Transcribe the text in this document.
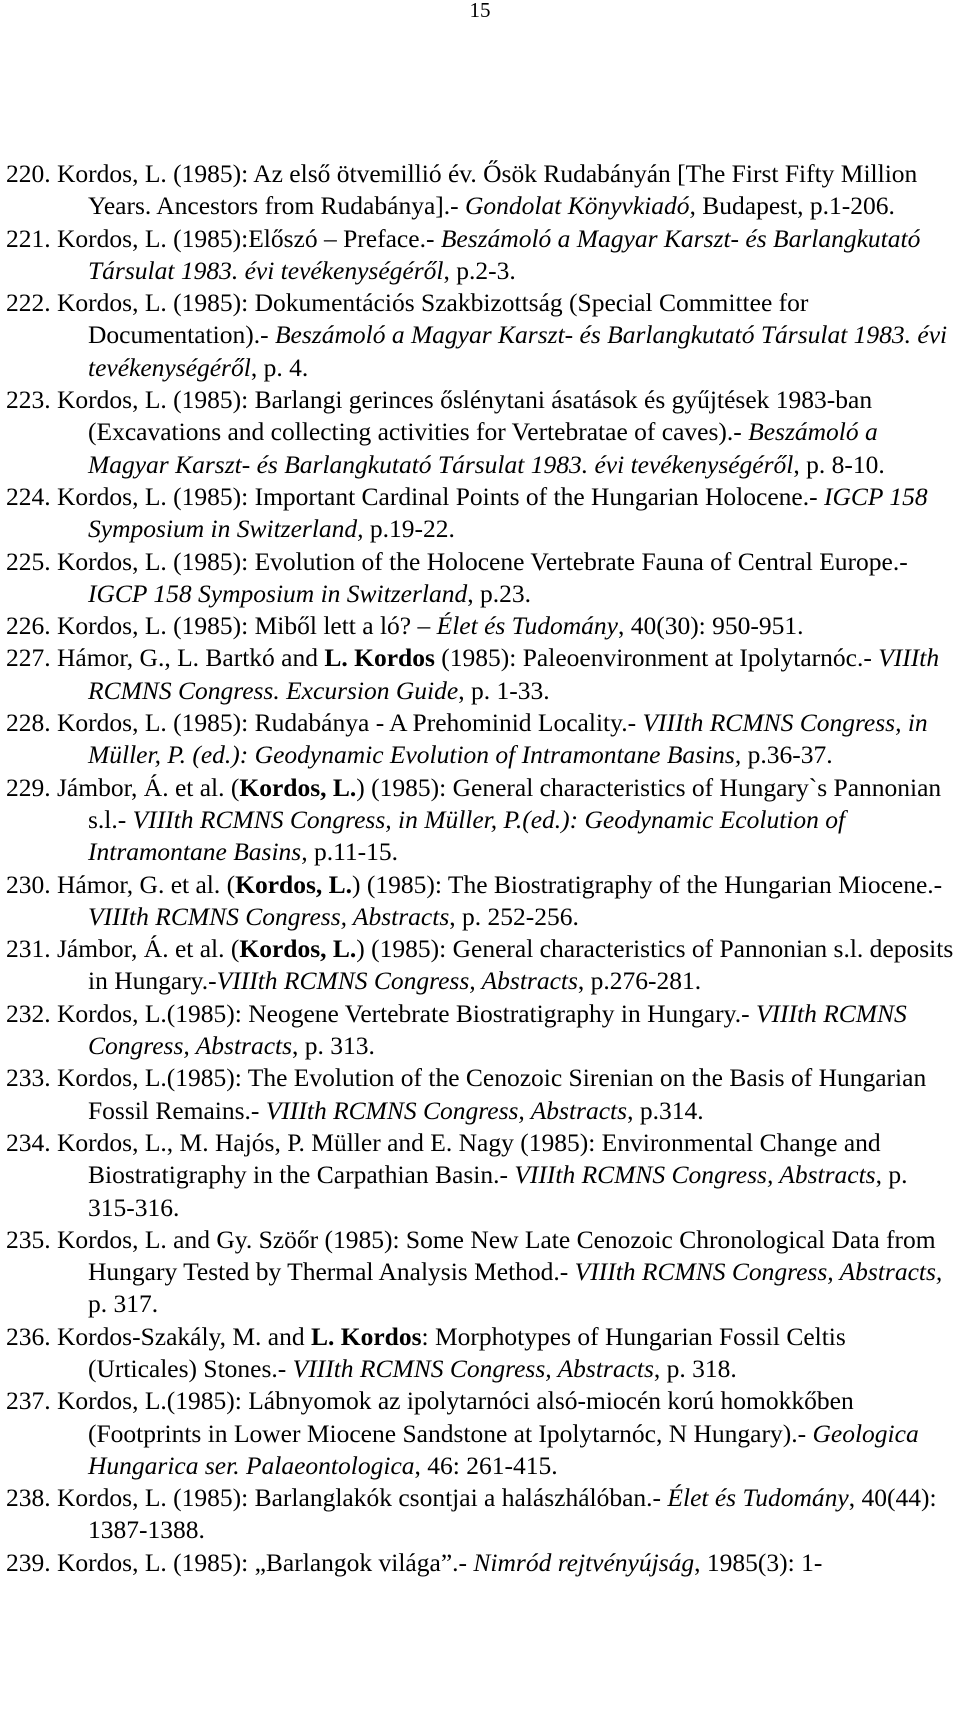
15
220. Kordos, L. (1985): Az első ötvemillió év. Ősök Rudabányán [The First Fifty Million Years. Ancestors from Rudabánya].- Gondolat Könyvkiadó, Budapest, p.1-206.
221. Kordos, L. (1985):Előszó – Preface.- Beszámoló a Magyar Karszt- és Barlangkutató Társulat 1983. évi tevékenységéről, p.2-3.
222. Kordos, L. (1985): Dokumentációs Szakbizottság (Special Committee for Documentation).- Beszámoló a Magyar Karszt- és Barlangkutató Társulat 1983. évi tevékenységéről, p. 4.
223. Kordos, L. (1985): Barlangi gerinces őslénytani ásatások és gyűjtések 1983-ban (Excavations and collecting activities for Vertebratae of caves).- Beszámoló a Magyar Karszt- és Barlangkutató Társulat 1983. évi tevékenységéről, p. 8-10.
224. Kordos, L. (1985): Important Cardinal Points of the Hungarian Holocene.- IGCP 158 Symposium in Switzerland, p.19-22.
225. Kordos, L. (1985): Evolution of the Holocene Vertebrate Fauna of Central Europe.- IGCP 158 Symposium in Switzerland, p.23.
226. Kordos, L. (1985): Miből lett a ló? – Élet és Tudomány, 40(30): 950-951.
227. Hámor, G., L. Bartkó and L. Kordos (1985): Paleoenvironment at Ipolytarnóc.- VIIIth RCMNS Congress. Excursion Guide, p. 1-33.
228. Kordos, L. (1985): Rudabánya - A Prehominid Locality.- VIIIth RCMNS Congress, in Müller, P. (ed.): Geodynamic Evolution of Intramontane Basins, p.36-37.
229. Jámbor, Á. et al. (Kordos, L.) (1985): General characteristics of Hungary`s Pannonian s.l.- VIIIth RCMNS Congress, in Müller, P.(ed.): Geodynamic Ecolution of Intramontane Basins, p.11-15.
230. Hámor, G. et al. (Kordos, L.) (1985): The Biostratigraphy of the Hungarian Miocene.- VIIIth RCMNS Congress, Abstracts, p. 252-256.
231. Jámbor, Á. et al. (Kordos, L.) (1985): General characteristics of Pannonian s.l. deposits in Hungary.-VIIIth RCMNS Congress, Abstracts, p.276-281.
232. Kordos, L.(1985): Neogene Vertebrate Biostratigraphy in Hungary.- VIIIth RCMNS Congress, Abstracts, p. 313.
233. Kordos, L.(1985): The Evolution of the Cenozoic Sirenian on the Basis of Hungarian Fossil Remains.- VIIIth RCMNS Congress, Abstracts, p.314.
234. Kordos, L., M. Hajós, P. Müller and E. Nagy (1985): Environmental Change and Biostratigraphy in the Carpathian Basin.- VIIIth RCMNS Congress, Abstracts, p. 315-316.
235. Kordos, L. and Gy. Szöőr (1985): Some New Late Cenozoic Chronological Data from Hungary Tested by Thermal Analysis Method.- VIIIth RCMNS Congress, Abstracts, p. 317.
236. Kordos-Szakály, M. and L. Kordos: Morphotypes of Hungarian Fossil Celtis (Urticales) Stones.- VIIIth RCMNS Congress, Abstracts, p. 318.
237. Kordos, L.(1985): Lábnyomok az ipolytarnóci alsó-miocén korú homokkőben (Footprints in Lower Miocene Sandstone at Ipolytarnóc, N Hungary).- Geologica Hungarica ser. Palaeontologica, 46: 261-415.
238. Kordos, L. (1985): Barlanglakók csontjai a halászhálóban.- Élet és Tudomány, 40(44): 1387-1388.
239. Kordos, L. (1985): „Barlangok világa”.- Nimród rejtvényújság, 1985(3): 1-
